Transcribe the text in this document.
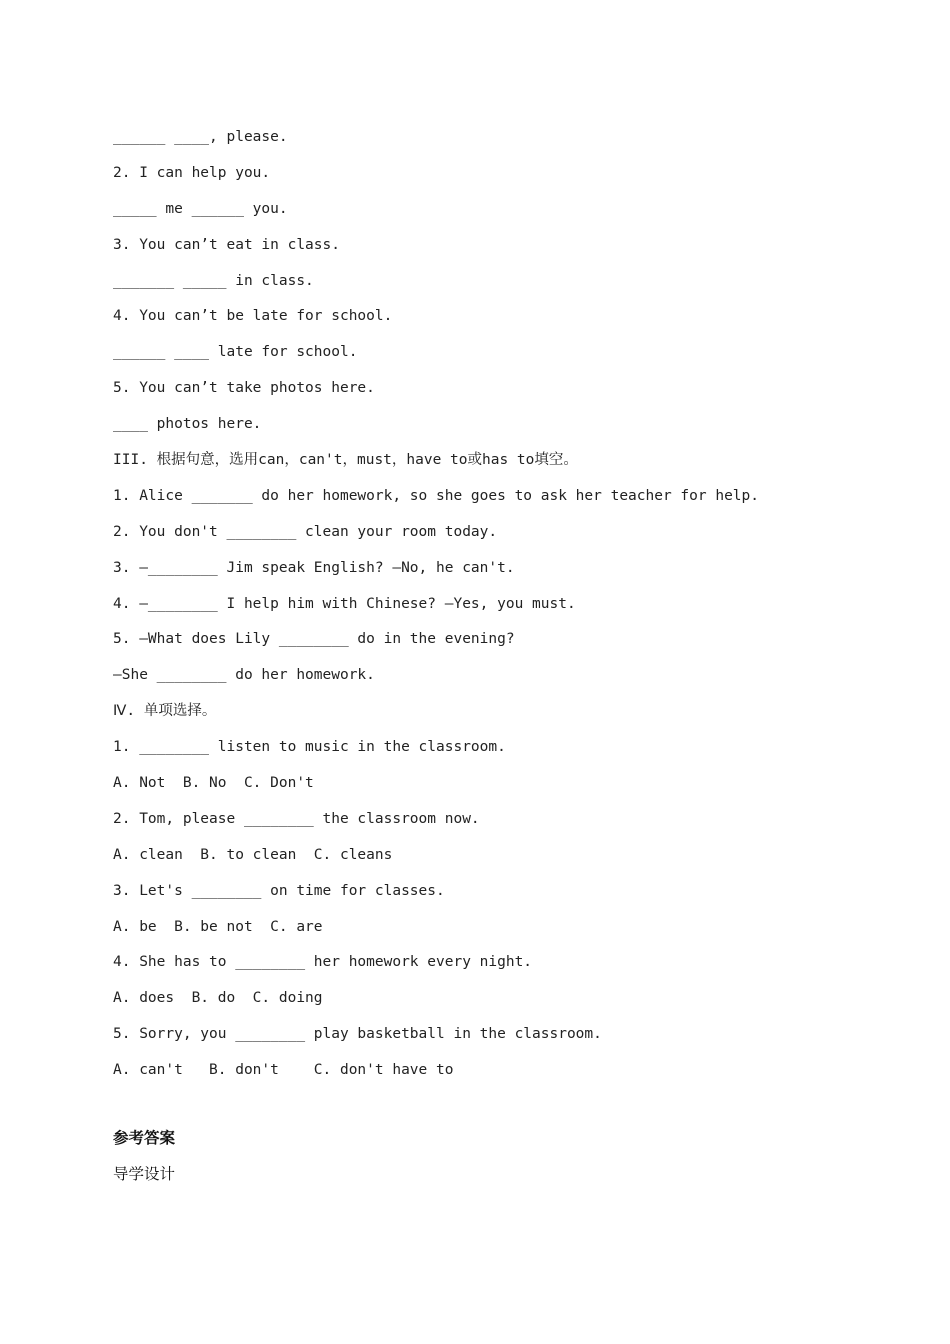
______ ____, please.
2. I can help you.
_____ me ______ you.
3. You can’t eat in class.
_______ _____ in class.
4. You can’t be late for school.
______ ____ late for school.
5. You can’t take photos here.
____ photos here.
III. 根据句意，选用can，can't，must，have to或has to填空。
1. Alice _______ do her homework, so she goes to ask her teacher for help.
2. You don't ________ clean your room today.
3. —________ Jim speak English? —No, he can't.
4. —________ I help him with Chinese? —Yes, you must.
5. —What does Lily ________ do in the evening?
—She ________ do her homework.
Ⅳ. 单项选择。
1. ________ listen to music in the classroom.
A. Not  B. No  C. Don't
2. Tom, please ________ the classroom now.
A. clean  B. to clean  C. cleans
3. Let's ________ on time for classes.
A. be  B. be not  C. are
4. She has to ________ her homework every night.
A. does  B. do  C. doing
5. Sorry, you ________ play basketball in the classroom.
A. can't   B. don't    C. don't have to
参考答案
导学设计
